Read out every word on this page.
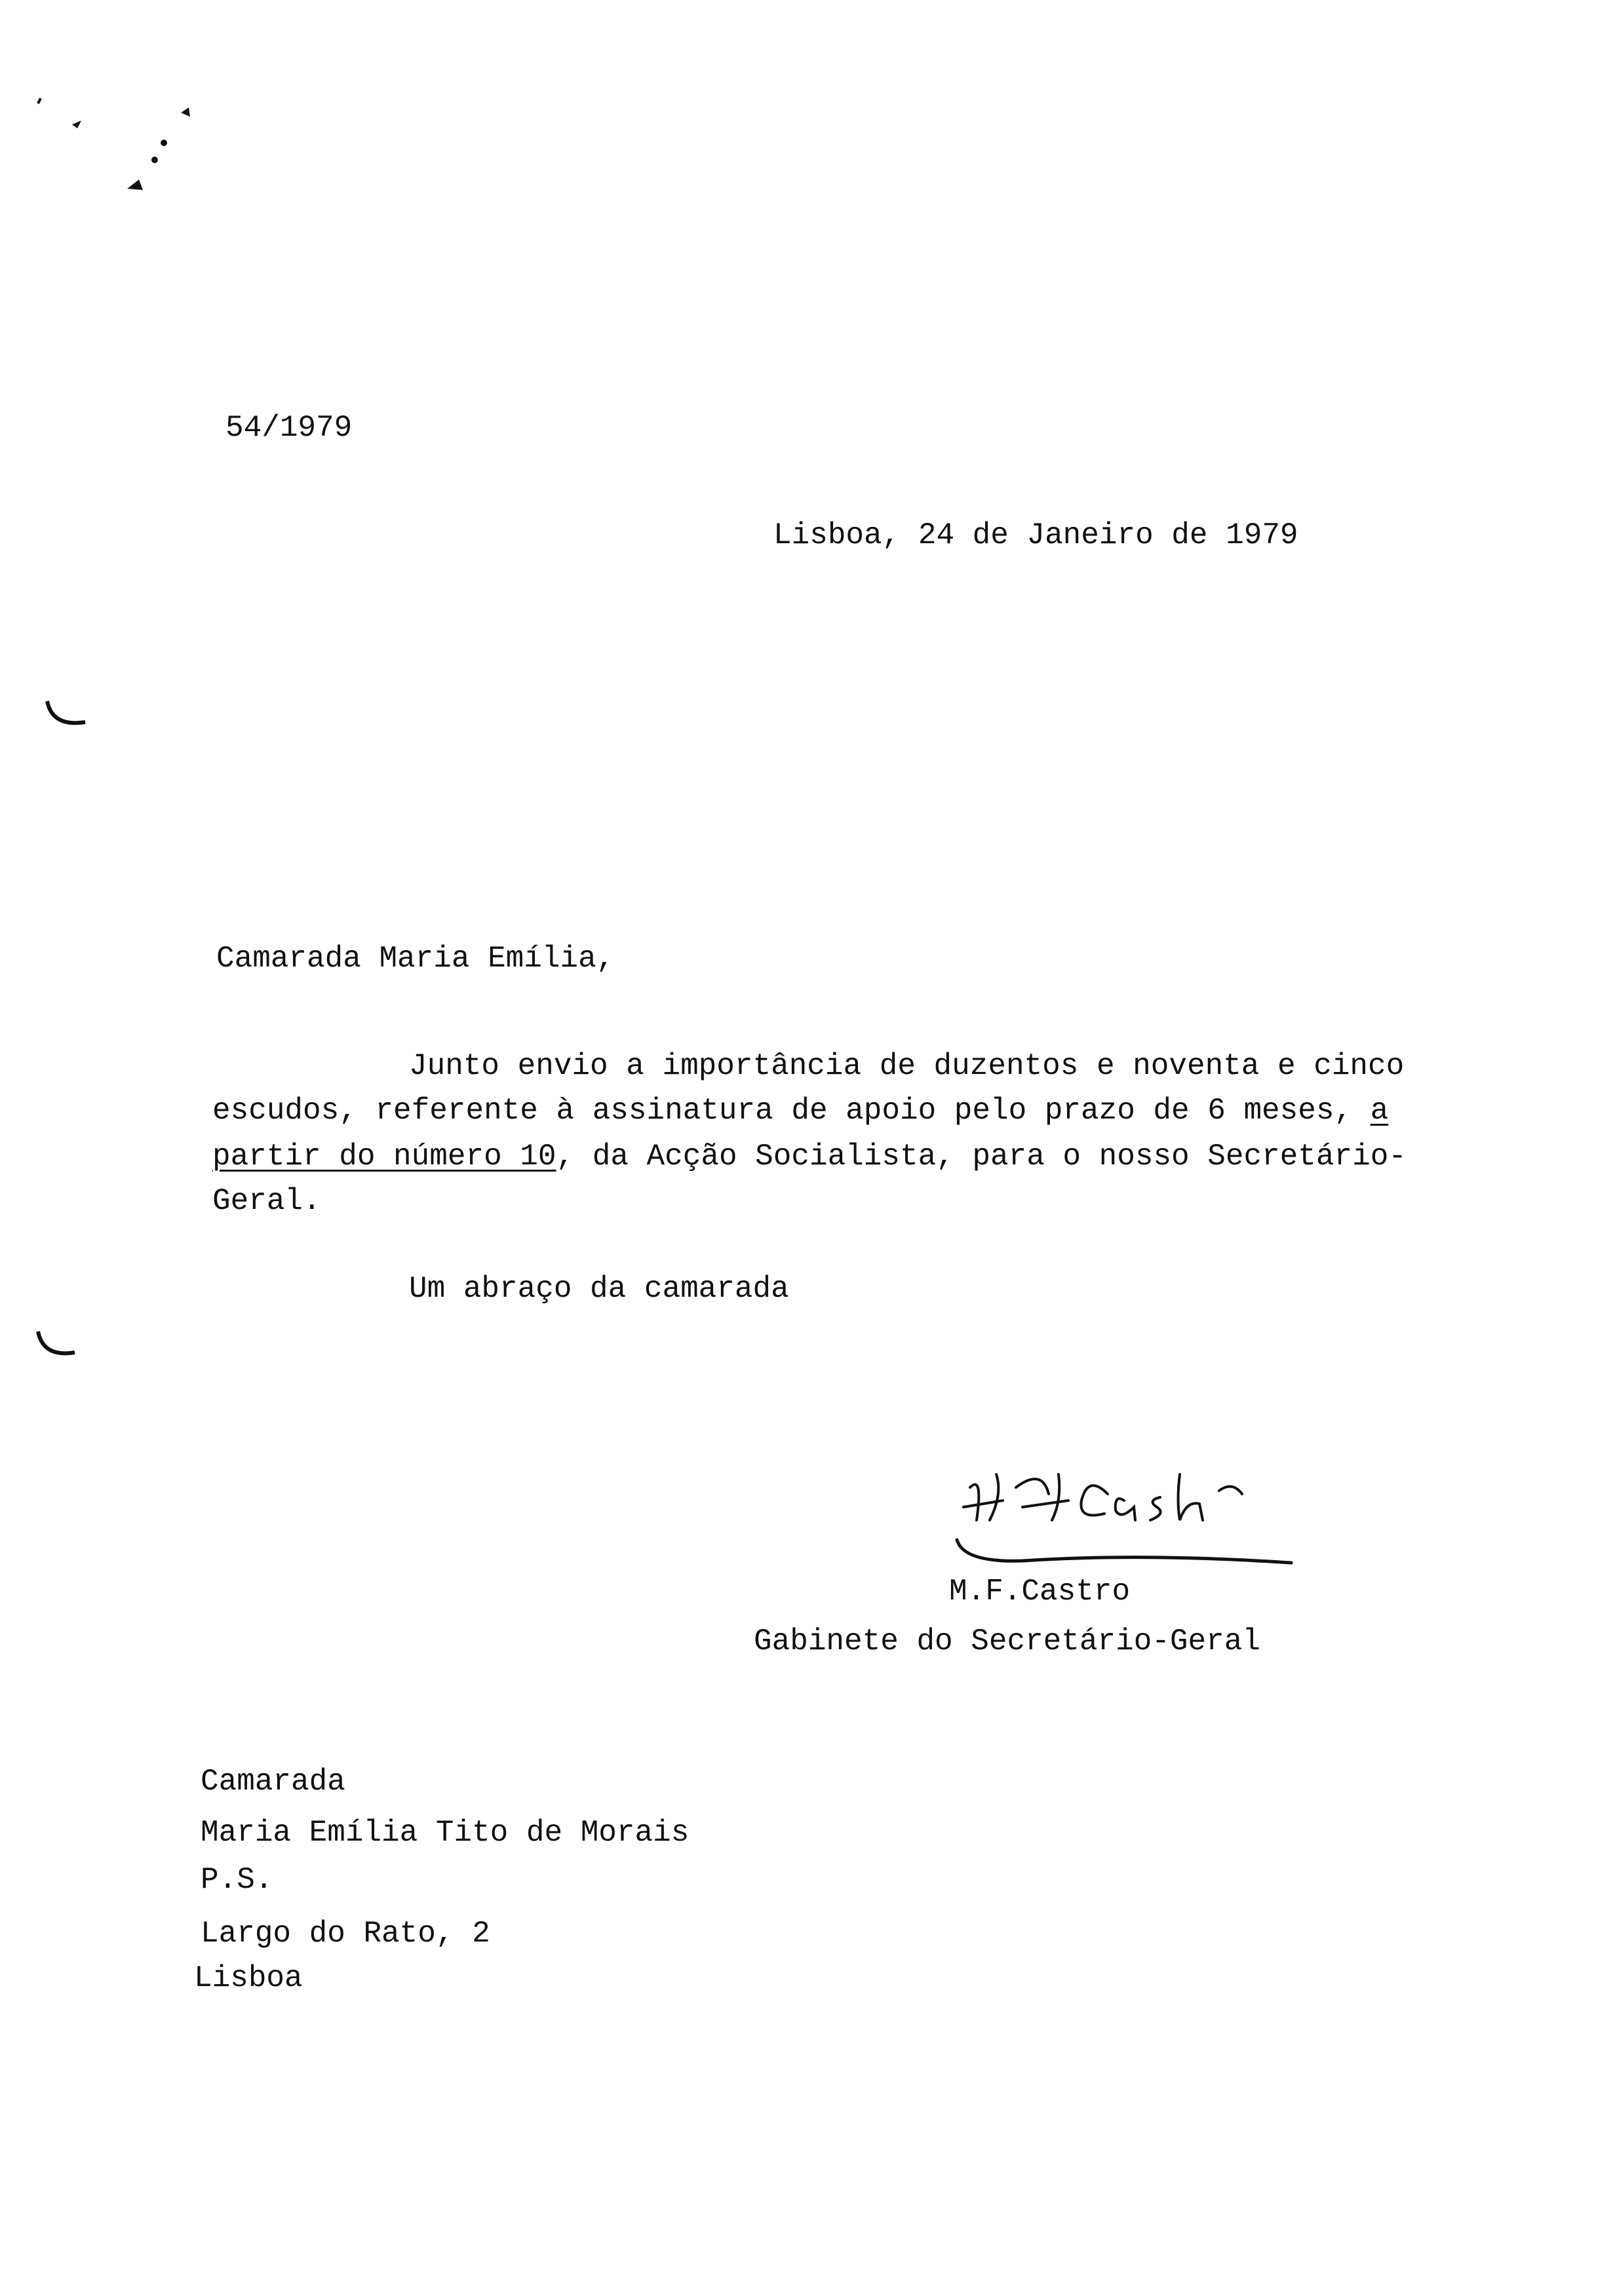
54/1979
Lisboa, 24 de Janeiro de 1979
Camarada Maria Emília,
Junto envio a importância de duzentos e noventa e cinco
escudos, referente à assinatura de apoio pelo prazo de 6 meses, a
partir do número 10, da Acção Socialista, para o nosso Secretário-
Geral.
Um abraço da camarada
M.F.Castro
Gabinete do Secretário-Geral
Camarada
Maria Emília Tito de Morais
P.S.
Largo do Rato, 2
Lisboa
